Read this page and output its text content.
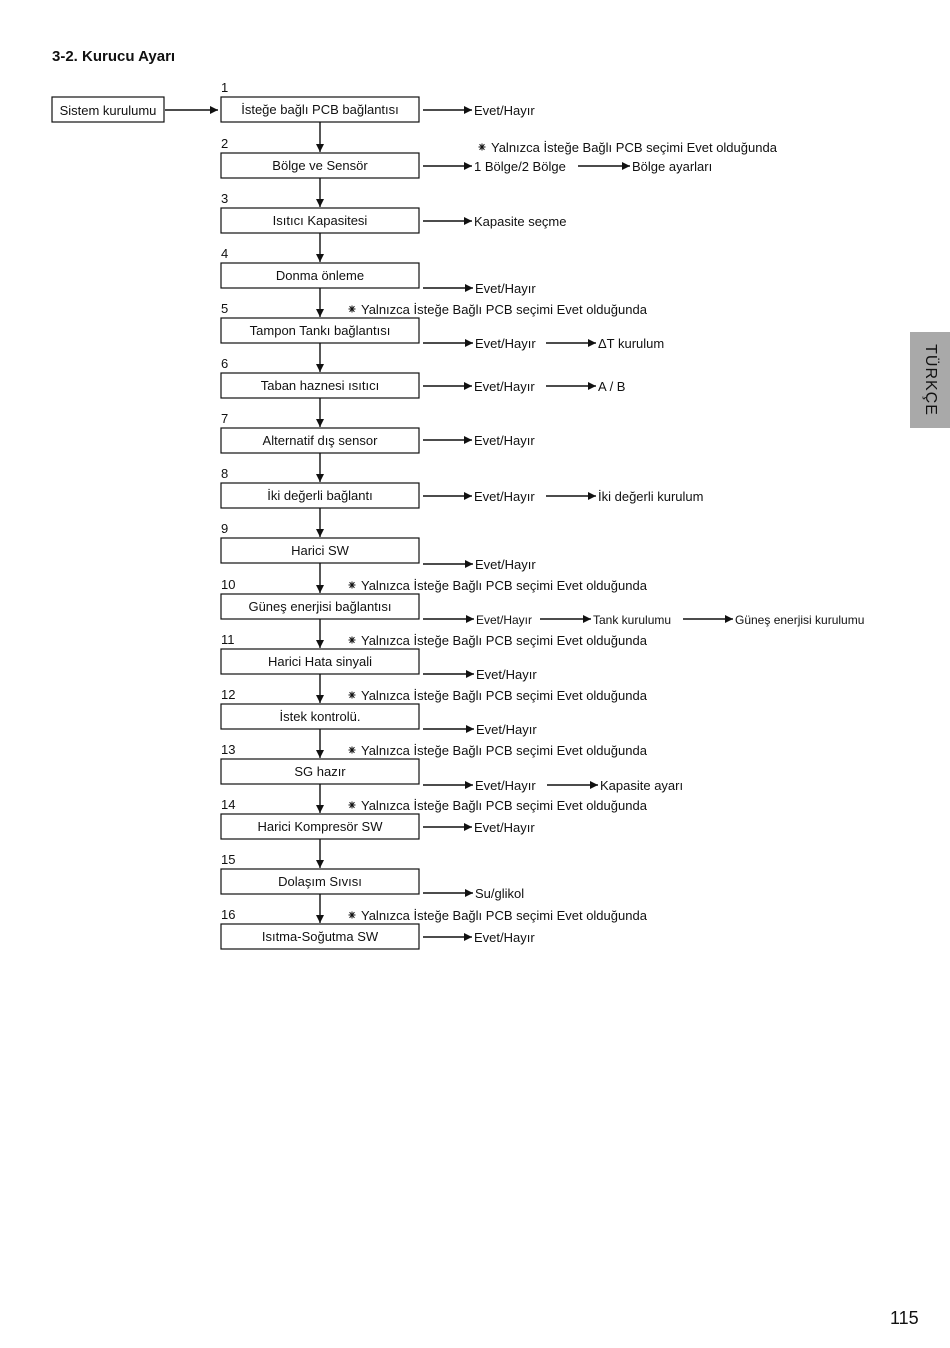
3-2. Kurucu Ayarı
Sistem kurulumu
1
İsteğe bağlı PCB bağlantısı	Evet/Hayır
2
Bölge ve Sensör	1 Bölge/2 Bölge	Bölge ayarları
Yalnızca İsteğe Bağlı PCB seçimi Evet olduğunda
3
Isıtıcı Kapasitesi	Kapasite seçme
4
Donma önleme
Evet/Hayır
5
Tampon Tankı bağlantısı
Evet/Hayır	ΔT kurulum
Yalnızca İsteğe Bağlı PCB seçimi Evet olduğunda
6
Taban haznesi ısıtıcı	Evet/Hayır	A / B
7
Alternatif dış sensor	Evet/Hayır
8
İki değerli bağlantı	Evet/Hayır	İki değerli kurulum
9
Harici SW
Evet/Hayır
10
Güneş enerjisi bağlantısı
Evet/Hayır	Tank kurulumu	Güneş enerjisi kurulumu
Yalnızca İsteğe Bağlı PCB seçimi Evet olduğunda
11
Harici Hata sinyali
Evet/Hayır
Yalnızca İsteğe Bağlı PCB seçimi Evet olduğunda
12
İstek kontrolü.
Evet/Hayır
Yalnızca İsteğe Bağlı PCB seçimi Evet olduğunda
13
SG hazır
Evet/Hayır	Kapasite ayarı
Yalnızca İsteğe Bağlı PCB seçimi Evet olduğunda
14
Harici Kompresör SW	Evet/Hayır
Yalnızca İsteğe Bağlı PCB seçimi Evet olduğunda
15
Dolaşım Sıvısı
Su/glikol
16
Isıtma-Soğutma SW	Evet/Hayır
Yalnızca İsteğe Bağlı PCB seçimi Evet olduğunda
TÜRKÇE
115
